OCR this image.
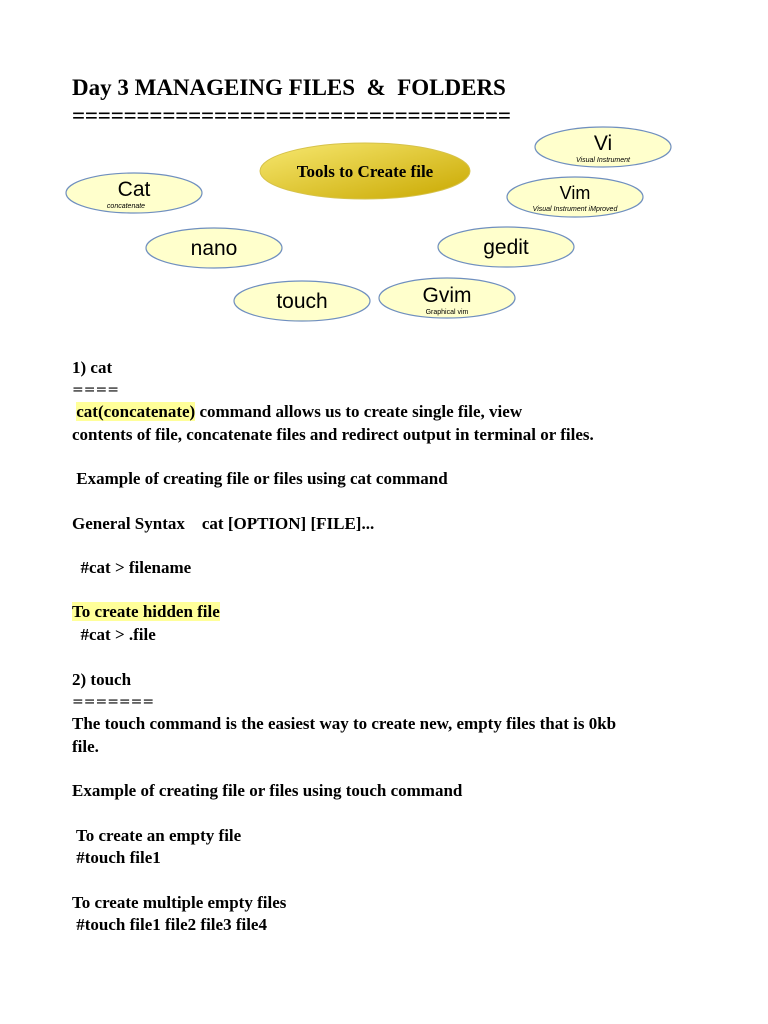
Day 3 MANAGEING FILES  &  FOLDERS
==================================
Tools to Create file
Cat
concatenate
nano
touch	Gvim
Graphical vim
gedit
Vim
Visual Instrument iMproved
Vi
Visual Instrument
1) cat
====
cat(concatenate) command allows us to create single file, view
contents of file, concatenate files and redirect output in terminal or files.
Example of creating file or files using cat command
General Syntax    cat [OPTION] [FILE]...
#cat > filename
To create hidden file
#cat > .file
2) touch
=======
The touch command is the easiest way to create new, empty files that is 0kb
file.
Example of creating file or files using touch command
To create an empty file
#touch file1
To create multiple empty files
#touch file1 file2 file3 file4
